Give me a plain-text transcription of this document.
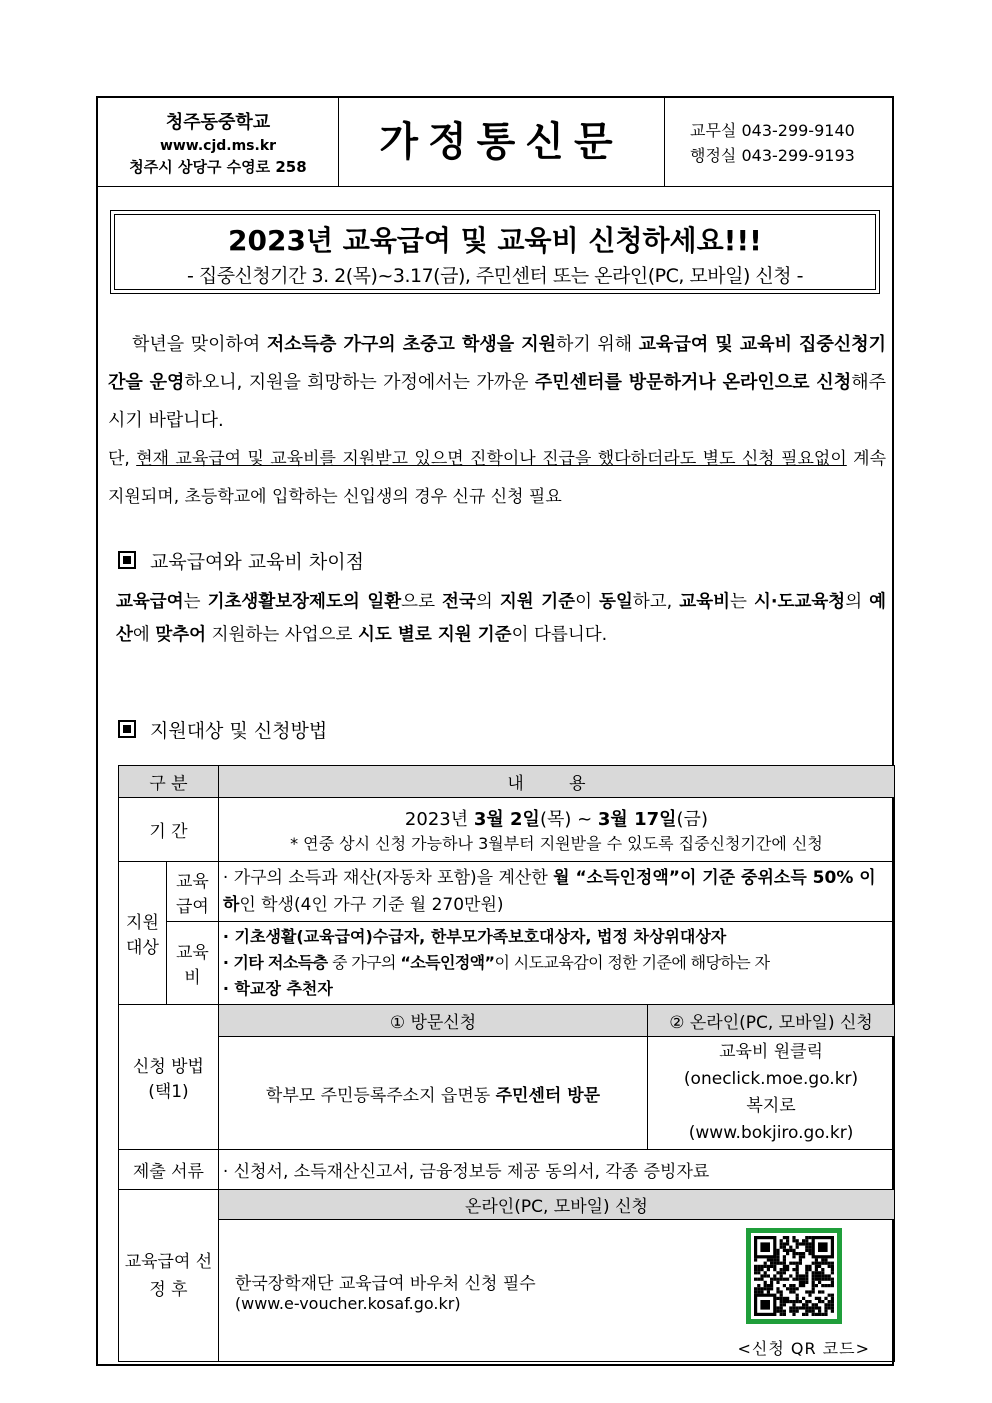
청주동중학교
www.cjd.ms.kr
청주시 상당구 수영로 258
가정통신문	교무실 043-299-9140
행정실 043-299-9193
2023년 교육급여 및 교육비 신청하세요!!!
- 집중신청기간 3. 2(목)~3.17(금), 주민센터 또는 온라인(PC, 모바일) 신청 -
학년을 맞이하여 저소득층 가구의 초중고 학생을 지원하기 위해 교육급여 및 교육비 집중신청기간을 운영하오니, 지원을 희망하는 가정에서는 가까운 주민센터를 방문하거나 온라인으로 신청해주시기 바랍니다.
단, 현재 교육급여 및 교육비를 지원받고 있으면 진학이나 진급을 했다하더라도 별도 신청 필요없이 계속 지원되며, 초등학교에 입학하는 신입생의 경우 신규 신청 필요
교육급여와 교육비 차이점
교육급여는 기초생활보장제도의 일환으로 전국의 지원 기준이 동일하고, 교육비는 시·도교육청의 예산에 맞추어 지원하는 사업으로 시도 별로 지원 기준이 다릅니다.
지원대상 및 신청방법
구 분		내 용	
기 간		2023년 3월 2일(목) ~ 3월 17일(금)
* 연중 상시 신청 가능하나 3월부터 지원받을 수 있도록 집중신청기간에 신청	

지원 대상	교육 급여	· 가구의 소득과 재산(자동차 포함)을 계산한 월 “소득인정액”이 기준 중위소득 50% 이하인 학생(4인 가구 기준 월 270만원)	
	교육 비	· 기초생활(교육급여)수급자, 한부모가족보호대상자, 법정 차상위대상자
· 기타 저소득층 중 가구의 “소득인정액”이 시도교육감이 정한 기준에 해당하는 자
· 학교장 추천자	

신청 방법 (택1)		① 방문신청	② 온라인(PC, 모바일) 신청
		학부모 주민등록주소지 읍면동 주민센터 방문	교육비 원클릭
(oneclick.moe.go.kr)
복지로
(www.bokjiro.go.kr)

제출 서류		· 신청서, 소득재산신고서, 금융정보등 제공 동의서, 각종 증빙자료	
교육급여 선정 후		온라인(PC, 모바일) 신청	

		한국장학재단 교육급여 바우처 신청 필수
(www.e-voucher.kosaf.go.kr)
<신청 QR 코드>	
